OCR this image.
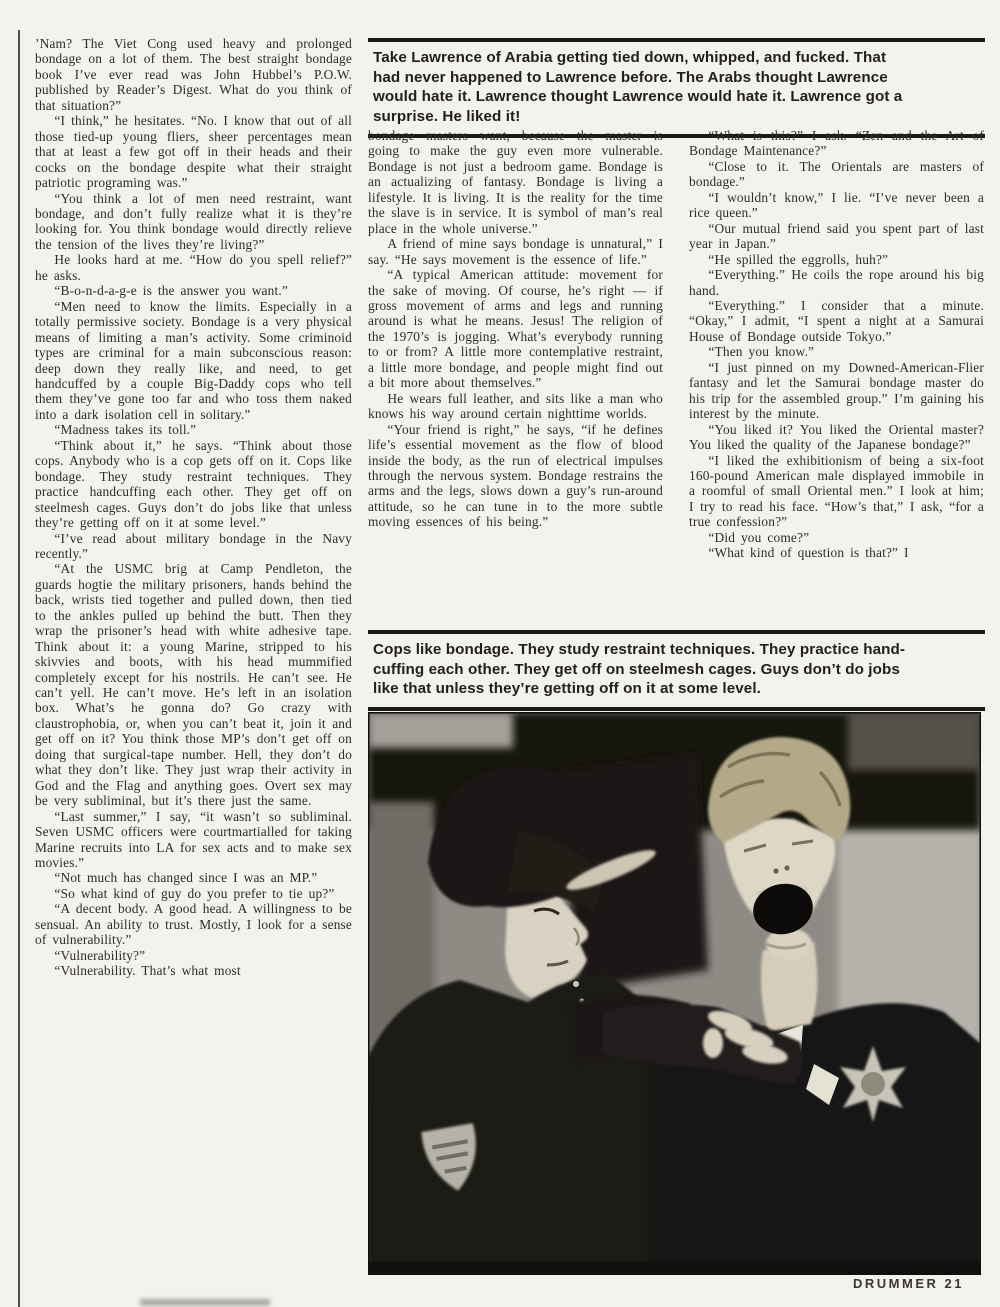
’Nam? The Viet Cong used heavy and prolonged bondage on a lot of them. The best straight bondage book I’ve ever read was John Hubbel’s P.O.W. published by Reader’s Digest. What do you think of that situation?”

“I think,” he hesitates. “No. I know that out of all those tied-up young fliers, sheer percentages mean that at least a few got off in their heads and their cocks on the bondage despite what their straight patriotic programing was.”

“You think a lot of men need restraint, want bondage, and don’t fully realize what it is they’re looking for. You think bondage would directly relieve the tension of the lives they’re living?”

He looks hard at me. “How do you spell relief?” he asks.

“B-o-n-d-a-g-e is the answer you want.”

“Men need to know the limits. Especially in a totally permissive society. Bondage is a very physical means of limiting a man’s activity. Some criminoid types are criminal for a main subconscious reason: deep down they really like, and need, to get handcuffed by a couple Big-Daddy cops who tell them they’ve gone too far and who toss them naked into a dark isolation cell in solitary.”

“Madness takes its toll.”

“Think about it,” he says. “Think about those cops. Anybody who is a cop gets off on it. Cops like bondage. They study restraint techniques. They practice handcuffing each other. They get off on steelmesh cages. Guys don’t do jobs like that unless they’re getting off on it at some level.”

“I’ve read about military bondage in the Navy recently.”

“At the USMC brig at Camp Pendleton, the guards hogtie the military prisoners, hands behind the back, wrists tied together and pulled down, then tied to the ankles pulled up behind the butt. Then they wrap the prisoner’s head with white adhesive tape. Think about it: a young Marine, stripped to his skivvies and boots, with his head mummified completely except for his nostrils. He can’t see. He can’t yell. He can’t move. He’s left in an isolation box. What’s he gonna do? Go crazy with claustrophobia, or, when you can’t beat it, join it and get off on it? You think those MP’s don’t get off on doing that surgical-tape number. Hell, they don’t do what they don’t like. They just wrap their activity in God and the Flag and anything goes. Overt sex may be very subliminal, but it’s there just the same.

“Last summer,” I say, “it wasn’t so subliminal. Seven USMC officers were courtmartialled for taking Marine recruits into LA for sex acts and to make sex movies.”

“Not much has changed since I was an MP.”

“So what kind of guy do you prefer to tie up?”

“A decent body. A good head. A willingness to be sensual. An ability to trust. Mostly, I look for a sense of vulnerability.”

“Vulnerability?”

“Vulnerability. That’s what most

Take Lawrence of Arabia getting tied down, whipped, and fucked. That
had never happened to Lawrence before. The Arabs thought Lawrence
would hate it. Lawrence thought Lawrence would hate it. Lawrence got a
surprise. He liked it!

bondage masters want, because the master is going to make the guy even more vulnerable. Bondage is not just a bedroom game. Bondage is an actualizing of fantasy. Bondage is living a lifestyle. It is living. It is the reality for the time the slave is in service. It is symbol of man’s real place in the whole universe.”

A friend of mine says bondage is unnatural,” I say. “He says movement is the essence of life.”

“A typical American attitude: movement for the sake of moving. Of course, he’s right — if gross movement of arms and legs and running around is what he means. Jesus! The religion of the 1970’s is jogging. What’s everybody running to or from? A little more contemplative restraint, a little more bondage, and people might find out a bit more about themselves.”

He wears full leather, and sits like a man who knows his way around certain nighttime worlds.

“Your friend is right,” he says, “if he defines life’s essential movement as the flow of blood inside the body, as the run of electrical impulses through the nervous system. Bondage restrains the arms and the legs, slows down a guy’s run-around attitude, so he can tune in to the more subtle moving essences of his being.”

“What is this?” I ask. “Zen and the Art of Bondage Maintenance?”

“Close to it. The Orientals are masters of bondage.”

“I wouldn’t know,” I lie. “I’ve never been a rice queen.”

“Our mutual friend said you spent part of last year in Japan.”

“He spilled the eggrolls, huh?”

“Everything.” He coils the rope around his big hand.

“Everything.” I consider that a minute. “Okay,” I admit, “I spent a night at a Samurai House of Bondage outside Tokyo.”

“Then you know.”

“I just pinned on my Downed-American-Flier fantasy and let the Samurai bondage master do his trip for the assembled group.” I’m gaining his interest by the minute.

“You liked it? You liked the Oriental master? You liked the quality of the Japanese bondage?”

“I liked the exhibitionism of being a six-foot 160-pound American male displayed immobile in a roomful of small Oriental men.” I look at him; I try to read his face. “How’s that,” I ask, “for a true confession?”

“Did you come?”

“What kind of question is that?” I

Cops like bondage. They study restraint techniques. They practice hand-
cuffing each other. They get off on steelmesh cages. Guys don’t do jobs
like that unless they’re getting off on it at some level.
DRUMMER 21
